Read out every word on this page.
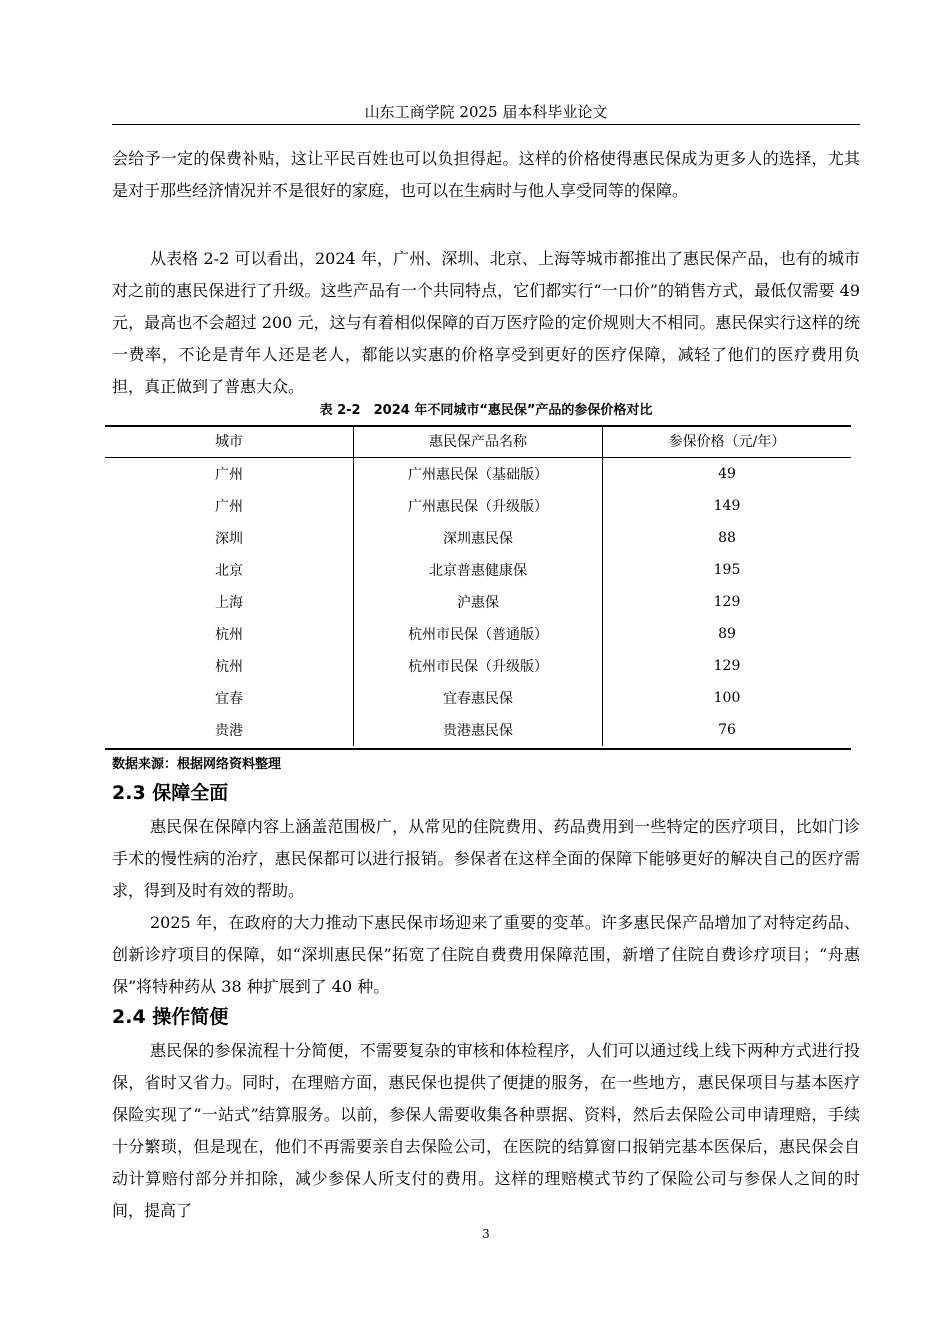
山东工商学院 2025 届本科毕业论文

会给予一定的保费补贴，这让平民百姓也可以负担得起。这样的价格使得惠民保成为更多人的选择，尤其是对于那些经济情况并不是很好的家庭，也可以在生病时与他人享受同等的保障。

从表格 2-2 可以看出，2024 年，广州、深圳、北京、上海等城市都推出了惠民保产品，也有的城市对之前的惠民保进行了升级。这些产品有一个共同特点，它们都实行“一口价”的销售方式，最低仅需要 49 元，最高也不会超过 200 元，这与有着相似保障的百万医疗险的定价规则大不相同。惠民保实行这样的统一费率，不论是青年人还是老人，都能以实惠的价格享受到更好的医疗保障，减轻了他们的医疗费用负担，真正做到了普惠大众。

表 2-2　2024 年不同城市“惠民保”产品的参保价格对比
城市	惠民保产品名称	参保价格（元/年）
广州	广州惠民保（基础版）	49
广州	广州惠民保（升级版）	149
深圳	深圳惠民保	88
北京	北京普惠健康保	195
上海	沪惠保	129
杭州	杭州市民保（普通版）	89
杭州	杭州市民保（升级版）	129
宜春	宜春惠民保	100
贵港	贵港惠民保	76
数据来源：根据网络资料整理
2.3 保障全面

惠民保在保障内容上涵盖范围极广，从常见的住院费用、药品费用到一些特定的医疗项目，比如门诊手术的慢性病的治疗，惠民保都可以进行报销。参保者在这样全面的保障下能够更好的解决自己的医疗需求，得到及时有效的帮助。

2025 年，在政府的大力推动下惠民保市场迎来了重要的变革。许多惠民保产品增加了对特定药品、创新诊疗项目的保障，如“深圳惠民保”拓宽了住院自费费用保障范围，新增了住院自费诊疗项目；“舟惠保”将特种药从 38 种扩展到了 40 种。

2.4 操作简便

惠民保的参保流程十分简便，不需要复杂的审核和体检程序，人们可以通过线上线下两种方式进行投保，省时又省力。同时，在理赔方面，惠民保也提供了便捷的服务，在一些地方，惠民保项目与基本医疗保险实现了“一站式”结算服务。以前，参保人需要收集各种票据、资料，然后去保险公司申请理赔，手续十分繁琐，但是现在，他们不再需要亲自去保险公司，在医院的结算窗口报销完基本医保后，惠民保会自动计算赔付部分并扣除，减少参保人所支付的费用。这样的理赔模式节约了保险公司与参保人之间的时间，提高了

3
